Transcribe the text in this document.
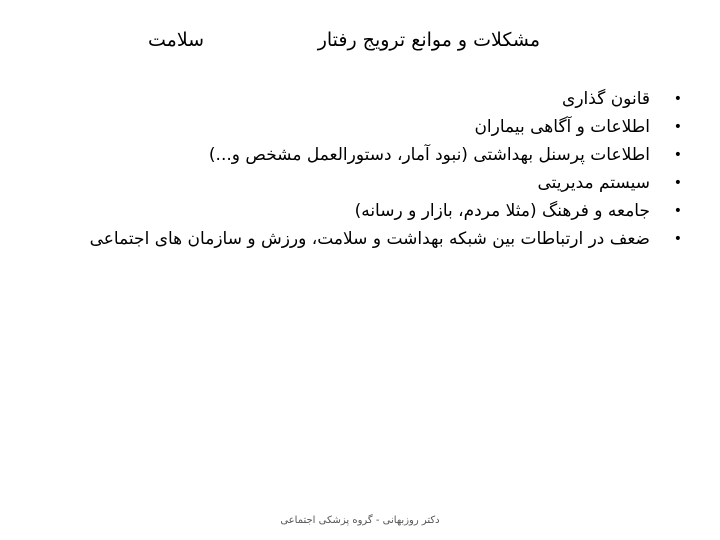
مشکلات و موانع ترویج رفتار
سلامت
•
قانون گذاری
•
اطلاعات و آگاهی بیماران
•
اطلاعات پرسنل بهداشتی (نبود آمار، دستورالعمل مشخص و...)
•
سیستم مدیریتی
•
جامعه و فرهنگ (مثلا مردم، بازار و رسانه)
•
ضعف در ارتباطات بین شبکه بهداشت و سلامت، ورزش و سازمان های اجتماعی
دکتر روزبهانی - گروه پزشکی اجتماعی
